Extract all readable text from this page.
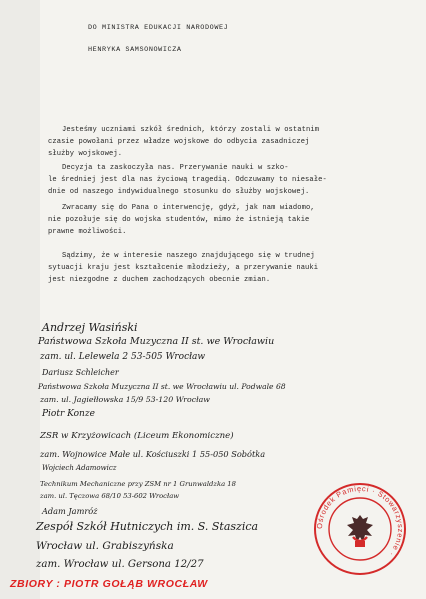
DO MINISTRA EDUKACJI NARODOWEJ
HENRYKA SAMSONOWICZA
Jesteśmy uczniami szkół średnich, którzy zostali w ostatnim
czasie powołani przez władze wojskowe do odbycia zasadniczej
służby wojskowej.
Decyzja ta zaskoczyła nas. Przerywanie nauki w szko-
le średniej jest dla nas życiową tragedią. Odczuwamy to niesałe-
dnie od naszego indywidualnego stosunku do służby wojskowej.
Zwracamy się do Pana o interwencję, gdyż, jak nam wiadomo,
nie pozołuje się do wojska studentów, mimo że istnieją takie
prawne możliwości.
Sądzimy, że w interesie naszego znajdującego się w trudnej
sytuacji kraju jest kształcenie młodzieży, a przerywanie nauki
jest niezgodne z duchem zachodzących obecnie zmian.
Andrzej Wasiński
Państwowa Szkoła Muzyczna II st. we Wrocławiu
zam. ul. Lelewela 2 53-505 Wrocław
Dariusz Schleicher
Państwowa Szkoła Muzyczna II st. we Wrocławiu ul. Podwale 68
zam. ul. Jagiełłowska 15/9 53-120 Wrocław
Piotr Konze
ZSR w Krzyżowicach (Liceum Ekonomiczne)
zam. Wojnowice Małe ul. Kościuszki 1 55-050 Sobótka
Wojciech Adamowicz
Technikum Mechaniczne przy ZSM nr 1 Grunwaldzka 18
zam. ul. Tęczowa 68/10 53-602 Wrocław
Adam Jamróż
Zespół Szkół Hutniczych im. S. Staszica
Wrocław ul. Grabiszyńska
zam. Wrocław ul. Gersona 12/27
Ośrodek Pamięci · Stowarzyszenie ·
ZBIORY : PIOTR GOŁĄB WROCŁAW
